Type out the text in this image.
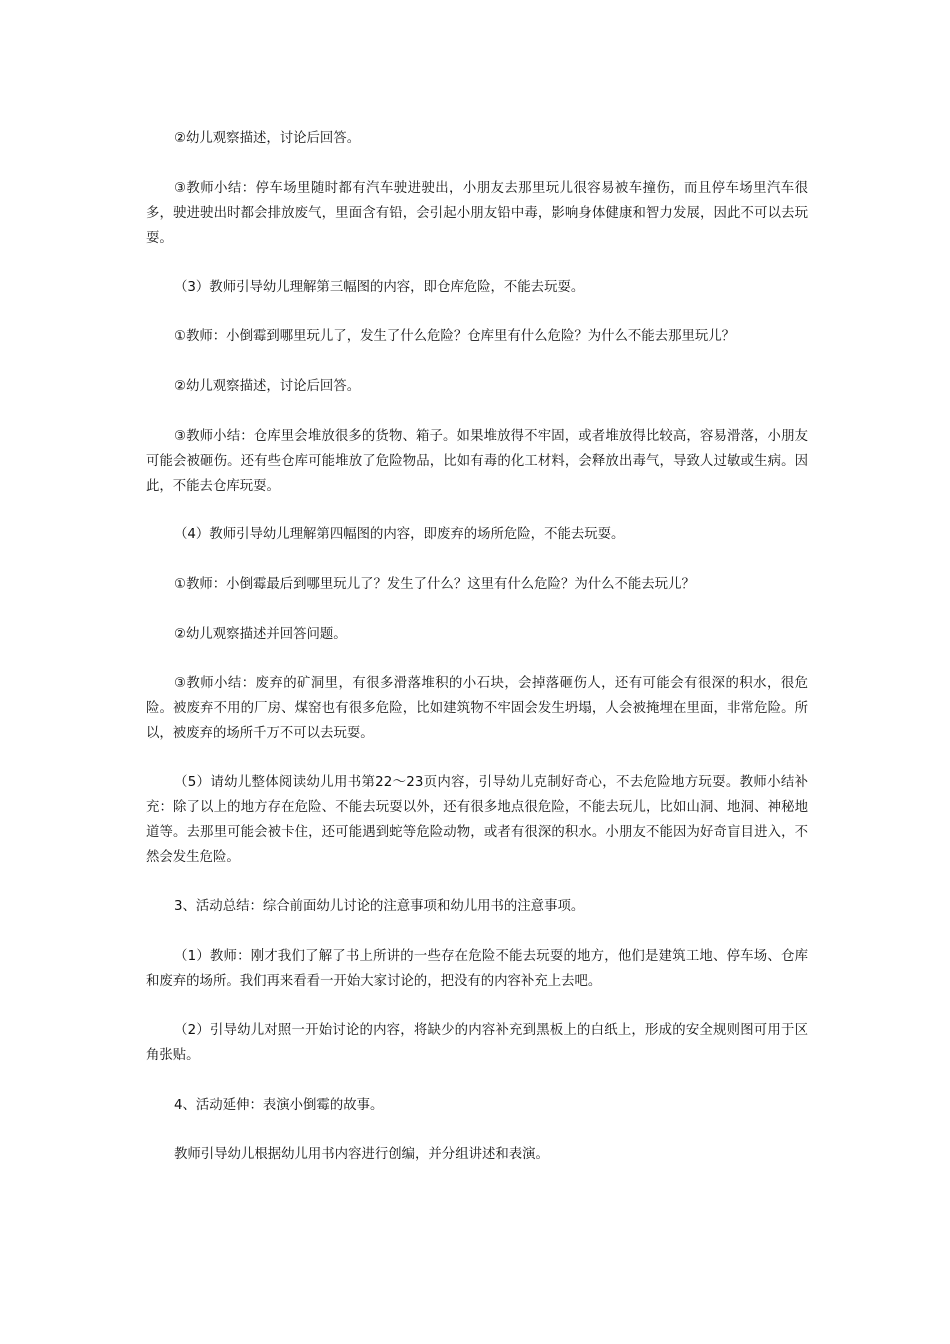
②幼儿观察描述，讨论后回答。

③教师小结：停车场里随时都有汽车驶进驶出，小朋友去那里玩儿很容易被车撞伤，而且停车场里汽车很多，驶进驶出时都会排放废气，里面含有铅，会引起小朋友铅中毒，影响身体健康和智力发展，因此不可以去玩耍。

（3）教师引导幼儿理解第三幅图的内容，即仓库危险，不能去玩耍。

①教师：小倒霉到哪里玩儿了，发生了什么危险？仓库里有什么危险？为什么不能去那里玩儿？

②幼儿观察描述，讨论后回答。

③教师小结：仓库里会堆放很多的货物、箱子。如果堆放得不牢固，或者堆放得比较高，容易滑落，小朋友可能会被砸伤。还有些仓库可能堆放了危险物品，比如有毒的化工材料，会释放出毒气，导致人过敏或生病。因此，不能去仓库玩耍。

（4）教师引导幼儿理解第四幅图的内容，即废弃的场所危险，不能去玩耍。

①教师：小倒霉最后到哪里玩儿了？发生了什么？这里有什么危险？为什么不能去玩儿？

②幼儿观察描述并回答问题。

③教师小结：废弃的矿洞里，有很多滑落堆积的小石块，会掉落砸伤人，还有可能会有很深的积水，很危险。被废弃不用的厂房、煤窑也有很多危险，比如建筑物不牢固会发生坍塌，人会被掩埋在里面，非常危险。所以，被废弃的场所千万不可以去玩耍。

（5）请幼儿整体阅读幼儿用书第22～23页内容，引导幼儿克制好奇心，不去危险地方玩耍。教师小结补充：除了以上的地方存在危险、不能去玩耍以外，还有很多地点很危险，不能去玩儿，比如山洞、地洞、神秘地道等。去那里可能会被卡住，还可能遇到蛇等危险动物，或者有很深的积水。小朋友不能因为好奇盲目进入，不然会发生危险。

3、活动总结：综合前面幼儿讨论的注意事项和幼儿用书的注意事项。

（1）教师：刚才我们了解了书上所讲的一些存在危险不能去玩耍的地方，他们是建筑工地、停车场、仓库和废弃的场所。我们再来看看一开始大家讨论的，把没有的内容补充上去吧。

（2）引导幼儿对照一开始讨论的内容，将缺少的内容补充到黑板上的白纸上，形成的安全规则图可用于区角张贴。

4、活动延伸：表演小倒霉的故事。

教师引导幼儿根据幼儿用书内容进行创编，并分组讲述和表演。
